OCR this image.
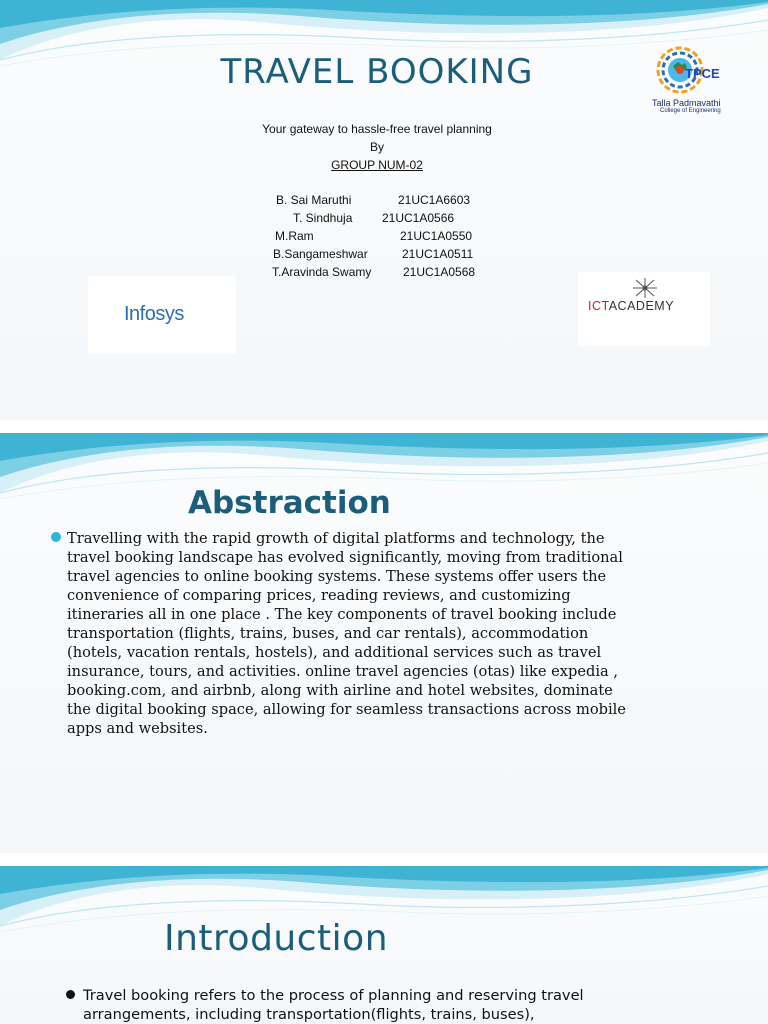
TRAVEL BOOKING
Your gateway to hassle-free travel planning
By
GROUP NUM-02
B. Sai Maruthi	21UC1A6603
T. Sindhuja 21UC1A0566
M.Ram	21UC1A0550
B.Sangameshwar	21UC1A0511
T.Aravinda Swamy	21UC1A0568
TPCE
Talla Padmavathi
College of Engineering
Infosys	ICTACADEMY
Abstraction
Travelling with the rapid growth of digital platforms and technology, the travel booking landscape has evolved significantly, moving from traditional travel agencies to online booking systems. These systems offer users the convenience of comparing prices, reading reviews, and customizing itineraries all in one place . The key components of travel booking include transportation (flights, trains, buses, and car rentals), accommodation (hotels, vacation rentals, hostels), and additional services such as travel insurance, tours, and activities. online travel agencies (otas) like expedia , booking.com, and airbnb, along with airline and hotel websites, dominate the digital booking space, allowing for seamless transactions across mobile apps and websites.
Introduction
Travel booking refers to the process of planning and reserving travel arrangements, including transportation(flights, trains, buses),
